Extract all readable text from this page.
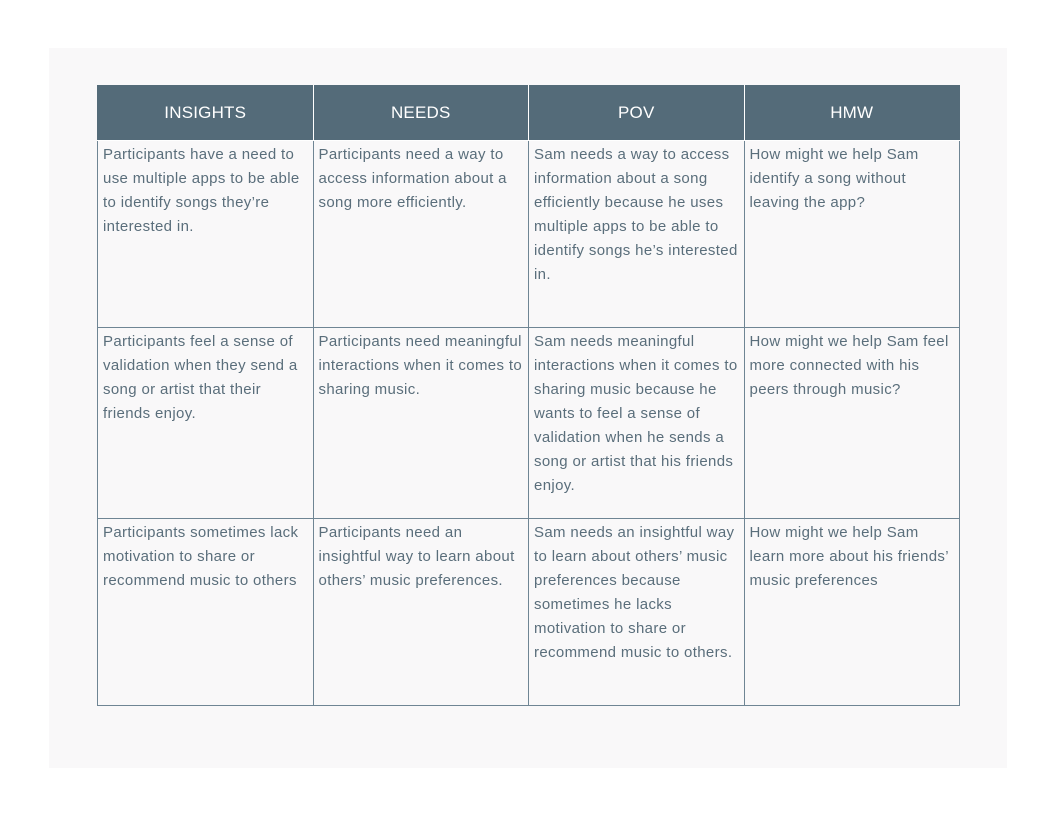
INSIGHTS	NEEDS	POV	HMW
Participants have a need to use multiple apps to be able to identify songs they’re interested in.	Participants need a way to access information about a song more efficiently.	Sam needs a way to access information about a song efficiently because he uses multiple apps to be able to identify songs he’s interested in.	How might we help Sam identify a song without leaving the app?
Participants feel a sense of validation when they send a song or artist that their friends enjoy.	Participants need meaningful interactions when it comes to sharing music.	Sam needs meaningful interactions when it comes to sharing music because he wants to feel a sense of validation when he sends a song or artist that his friends enjoy.	How might we help Sam feel more connected with his peers through music?
Participants sometimes lack motivation to share or recommend music to others	Participants need an insightful way to learn about others’ music preferences.	Sam needs an insightful way to learn about others’ music preferences because sometimes he lacks motivation to share or recommend music to others.	How might we help Sam learn more about his friends’ music preferences
